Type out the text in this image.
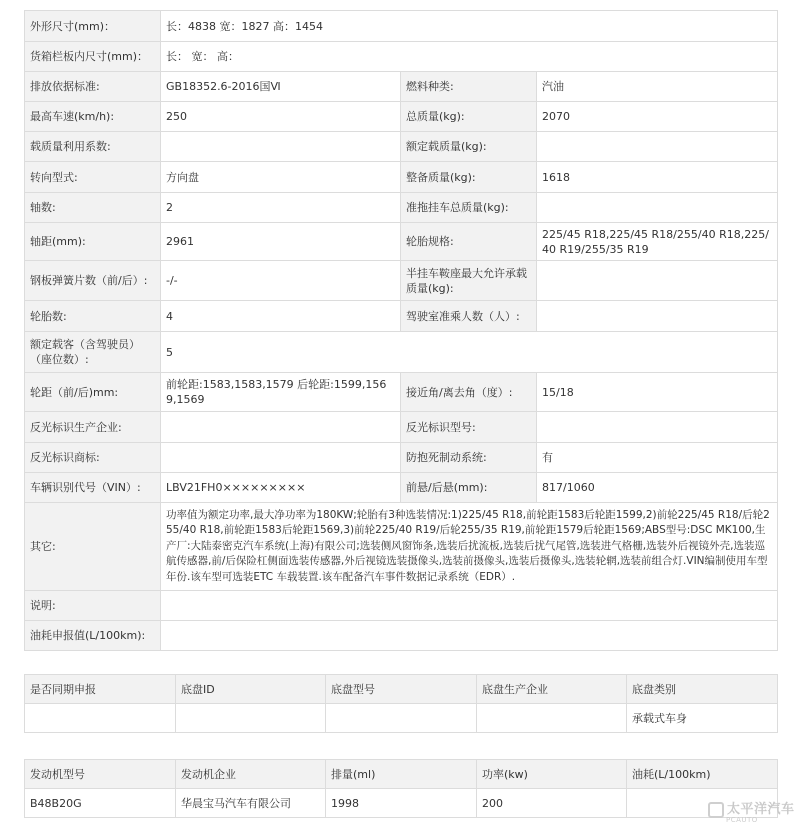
外形尺寸(mm)：	长：4838 宽：1827 高：1454		
货箱栏板内尺寸(mm)：	长： 宽： 高：		
排放依据标准:	GB18352.6-2016国Ⅵ	燃料种类:	汽油
最高车速(km/h):	250	总质量(kg):	2070
载质量利用系数:		额定载质量(kg):	
转向型式:	方向盘	整备质量(kg):	1618
轴数:	2	准拖挂车总质量(kg):	
轴距(mm):	2961	轮胎规格:	225/45 R18,225/45 R18/255/40 R18,225/40 R19/255/35 R19
钢板弹簧片数（前/后）:	-/-	半挂车鞍座最大允许承载质量(kg):	
轮胎数:	4	驾驶室准乘人数（人）:	
额定载客（含驾驶员）（座位数）:	5		
轮距（前/后)mm:	前轮距:1583,1583,1579 后轮距:1599,1569,1569	接近角/离去角（度）:	15/18
反光标识生产企业:		反光标识型号:	
反光标识商标:		防抱死制动系统:	有
车辆识别代号（VIN）:	LBV21FH0×××××××××	前悬/后悬(mm):	817/1060
其它:	功率值为额定功率,最大净功率为180KW;轮胎有3种选装情况:1)225/45 R18,前轮距1583后轮距1599,2)前轮225/45 R18/后轮255/40 R18,前轮距1583后轮距1569,3)前轮225/40 R19/后轮255/35 R19,前轮距1579后轮距1569;ABS型号:DSC MK100,生产厂:大陆泰密克汽车系统(上海)有限公司;选装侧风窗饰条,选装后扰流板,选装后扰气尾管,选装进气格栅,选装外后视镜外壳,选装巡航传感器,前/后保险杠侧面选装传感器,外后视镜选装摄像头,选装前摄像头,选装后摄像头,选装轮辋,选装前组合灯.VIN编制使用车型年份.该车型可选装ETC 车载装置.该车配备汽车事件数据记录系统（EDR）.		
说明:			
油耗申报值(L/100km):			
是否同期申报	底盘ID	底盘型号	底盘生产企业	底盘类别
				承载式车身
发动机型号	发动机企业	排量(ml)	功率(kw)	油耗(L/100km)
B48B20G	华晨宝马汽车有限公司	1998	200		太平洋汽车
PCAUTO
